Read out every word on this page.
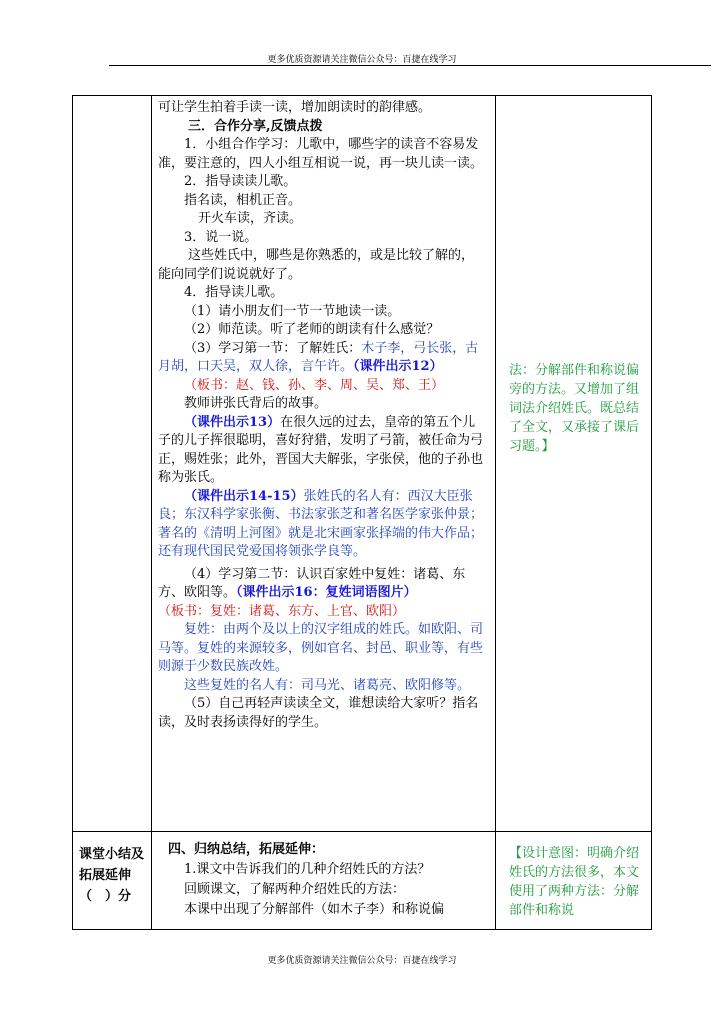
更多优质资源请关注微信公众号：百捷在线学习

可让学生拍着手读一读，增加朗读时的韵律感。

三．合作分享,反馈点拨

1．小组合作学习：儿歌中，哪些字的读音不容易发准，要注意的，四人小组互相说一说，再一块儿读一读。

2．指导读读儿歌。

指名读，相机正音。

开火车读，齐读。

3．说一说。

这些姓氏中，哪些是你熟悉的，或是比较了解的，能向同学们说说就好了。

4．指导读儿歌。

（1）请小朋友们一节一节地读一读。

（2）师范读。听了老师的朗读有什么感觉？

（3）学习第一节：了解姓氏：木子李，弓长张，古月胡，口天吴，双人徐，言午许。（课件出示12）

（板书：赵、钱、孙、李、周、吴、郑、王）

教师讲张氏背后的故事。

（课件出示13）在很久远的过去，皇帝的第五个儿子的儿子挥很聪明，喜好狩猎，发明了弓箭，被任命为弓正，赐姓张；此外，晋国大夫解张，字张侯，他的子孙也称为张氏。

（课件出示14-15）张姓氏的名人有：西汉大臣张良；东汉科学家张衡、书法家张芝和著名医学家张仲景；著名的《清明上河图》就是北宋画家张择端的伟大作品；还有现代国民党爱国将领张学良等。

（4）学习第二节：认识百家姓中复姓：诸葛、东方、欧阳等。（课件出示16：复姓词语图片）

（板书：复姓：诸葛、东方、上官、欧阳）

复姓：由两个及以上的汉字组成的姓氏。如欧阳、司马等。复姓的来源较多，例如官名、封邑、职业等，有些则源于少数民族改姓。

这些复姓的名人有：司马光、诸葛亮、欧阳修等。

（5）自己再轻声读读全文，谁想读给大家听？指名读，及时表扬读得好的学生。

法：分解部件和称说偏旁的方法。又增加了组词法介绍姓氏。既总结了全文，又承接了课后习题。】
课堂小结及拓展延伸（　）分

四、归纳总结，拓展延伸：

1.课文中告诉我们的几种介绍姓氏的方法？

回顾课文，了解两种介绍姓氏的方法：

本课中出现了分解部件（如木子李）和称说偏

【设计意图：明确介绍姓氏的方法很多，本文使用了两种方法：分解部件和称说
更多优质资源请关注微信公众号：百捷在线学习
